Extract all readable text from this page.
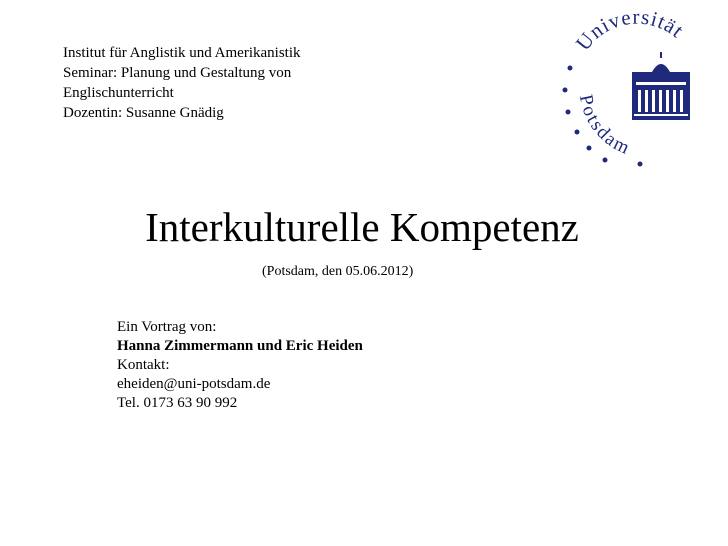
Institut für Anglistik und Amerikanistik
Seminar: Planung und Gestaltung von
Englischunterricht
Dozentin: Susanne Gnädig
Universität
Potsdam
Interkulturelle Kompetenz
(Potsdam, den 05.06.2012)
Ein Vortrag von:
Hanna Zimmermann und Eric Heiden
Kontakt:
eheiden@uni-potsdam.de
Tel. 0173 63 90 992
